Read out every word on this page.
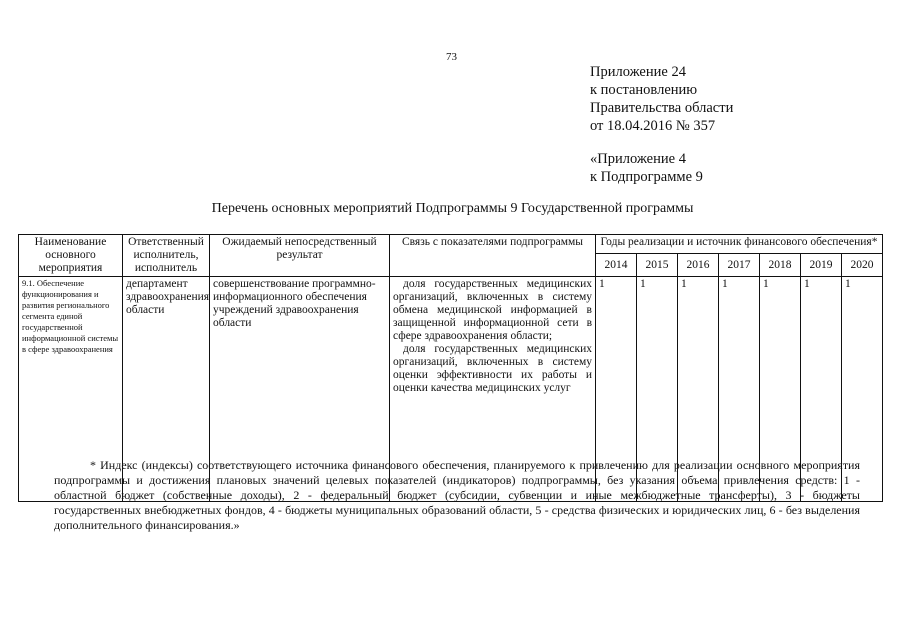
73
Приложение 24
к постановлению
Правительства области
от 18.04.2016 № 357
«Приложение 4
к Подпрограмме 9
Перечень основных мероприятий Подпрограммы 9 Государственной программы
Наименование основного мероприятия	Ответственный исполнитель, исполнитель	Ожидаемый непосредственный результат	Связь с показателями подпрограммы	Годы реализации и источник финансового обеспечения*						
				2014	2015	2016	2017	2018	2019	2020
9.1. Обеспечение функционирования и развития регионального сегмента единой государственной информационной системы в сфере здравоохранения	департамент здравоохранения области	совершенствование программно-информационного обеспечения учреждений здравоохранения области	доля государственных медицинских организаций, включенных в систему обмена медицинской информацией в защищенной информационной сети в сфере здравоохранения области;
доля государственных медицинских организаций, включенных в систему оценки эффективности их работы и оценки качества медицинских услуг	1	1	1	1	1	1	1

* Индекс (индексы) соответствующего источника финансового обеспечения, планируемого к привлечению для реализации основного мероприятия подпрограммы и достижения плановых значений целевых показателей (индикаторов) подпрограммы, без указания объема привлечения средств: 1 - областной бюджет (собственные доходы), 2 - федеральный бюджет (субсидии, субвенции и иные межбюджетные трансферты), 3 - бюджеты государственных внебюджетных фондов, 4 - бюджеты муниципальных образований области, 5 - средства физических и юридических лиц, 6 - без выделения дополнительного финансирования.»
